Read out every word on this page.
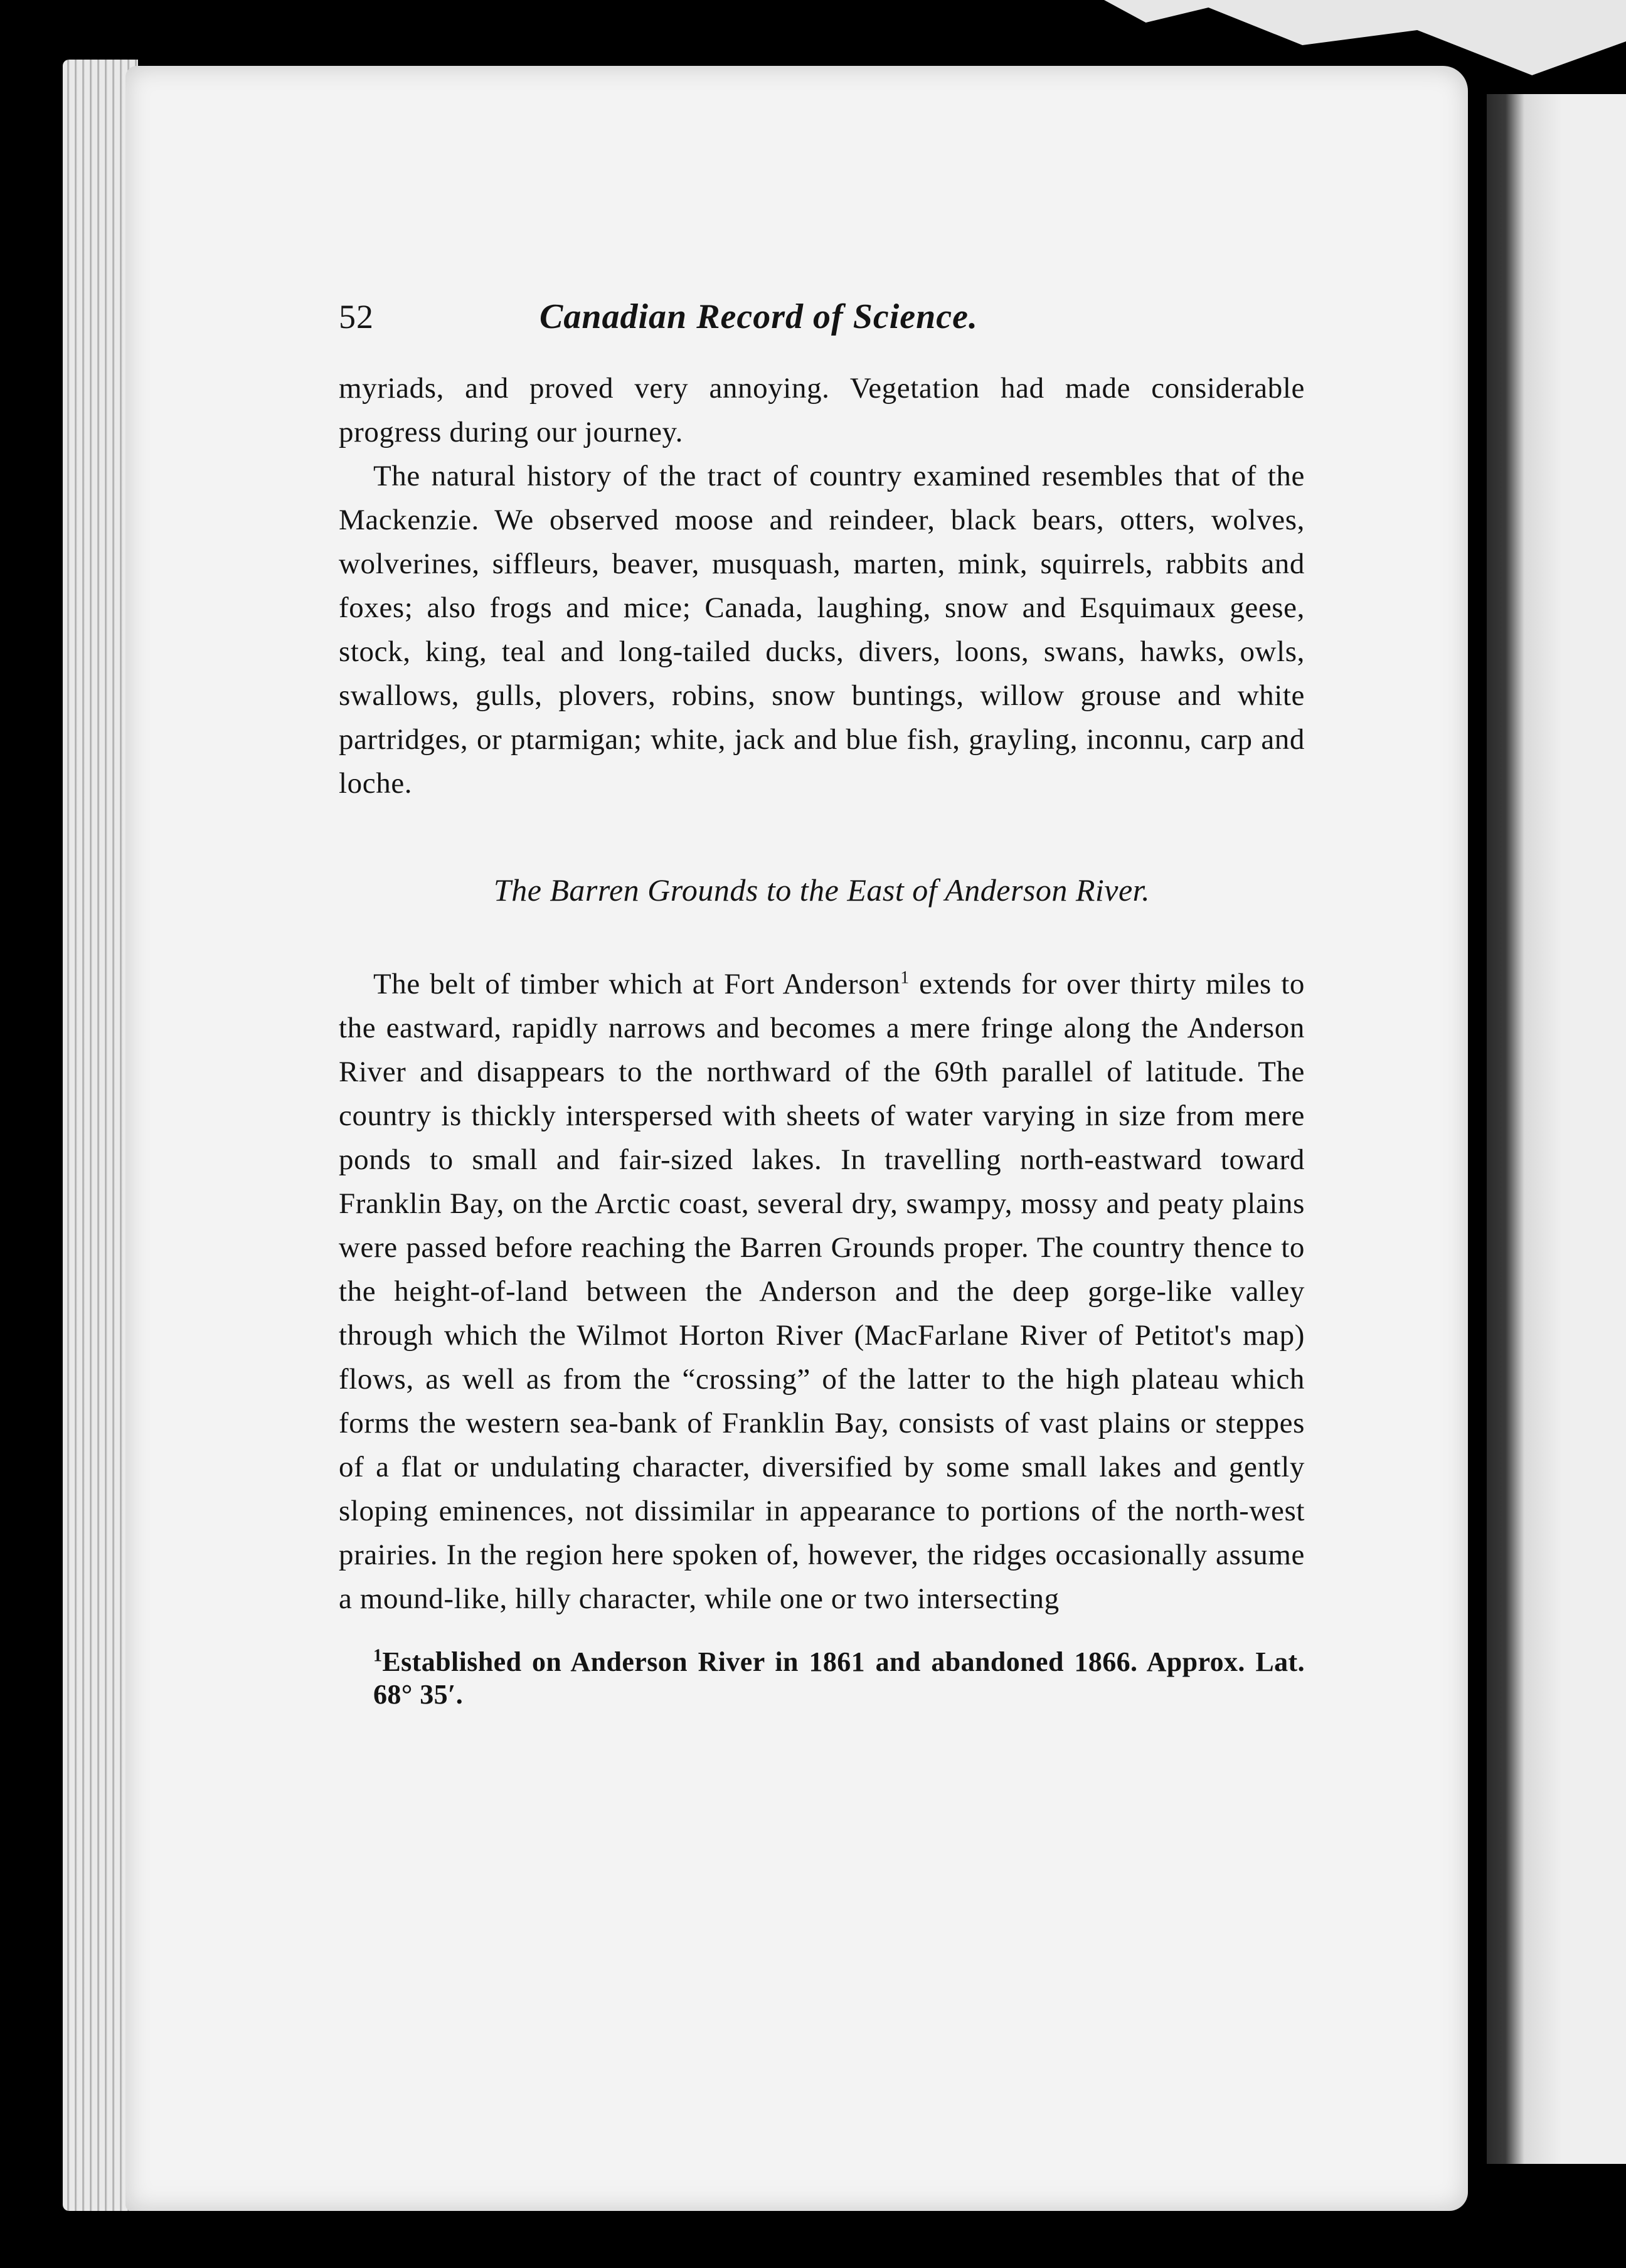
52	Canadian Record of Science.

myriads, and proved very annoying. Vegetation had made considerable progress during our journey.

The natural history of the tract of country examined resembles that of the Mackenzie. We observed moose and reindeer, black bears, otters, wolves, wolverines, siffleurs, beaver, musquash, marten, mink, squirrels, rabbits and foxes; also frogs and mice; Canada, laughing, snow and Esquimaux geese, stock, king, teal and long-tailed ducks, divers, loons, swans, hawks, owls, swallows, gulls, plovers, robins, snow buntings, willow grouse and white partridges, or ptarmigan; white, jack and blue fish, grayling, inconnu, carp and loche.

The Barren Grounds to the East of Anderson River.

The belt of timber which at Fort Anderson$^1$ extends for over thirty miles to the eastward, rapidly narrows and becomes a mere fringe along the Anderson River and disappears to the northward of the 69th parallel of latitude. The country is thickly interspersed with sheets of water varying in size from mere ponds to small and fair-sized lakes. In travelling north-eastward toward Franklin Bay, on the Arctic coast, several dry, swampy, mossy and peaty plains were passed before reaching the Barren Grounds proper. The country thence to the height-of-land between the Anderson and the deep gorge-like valley through which the Wilmot Horton River (MacFarlane River of Petitot's map) flows, as well as from the “crossing” of the latter to the high plateau which forms the western sea-bank of Franklin Bay, consists of vast plains or steppes of a flat or undulating character, diversified by some small lakes and gently sloping eminences, not dissimilar in appearance to portions of the north-west prairies. In the region here spoken of, however, the ridges occasionally assume a mound-like, hilly character, while one or two intersecting

$^1$Established on Anderson River in 1861 and abandoned 1866. Approx. Lat. 68° 35′.
